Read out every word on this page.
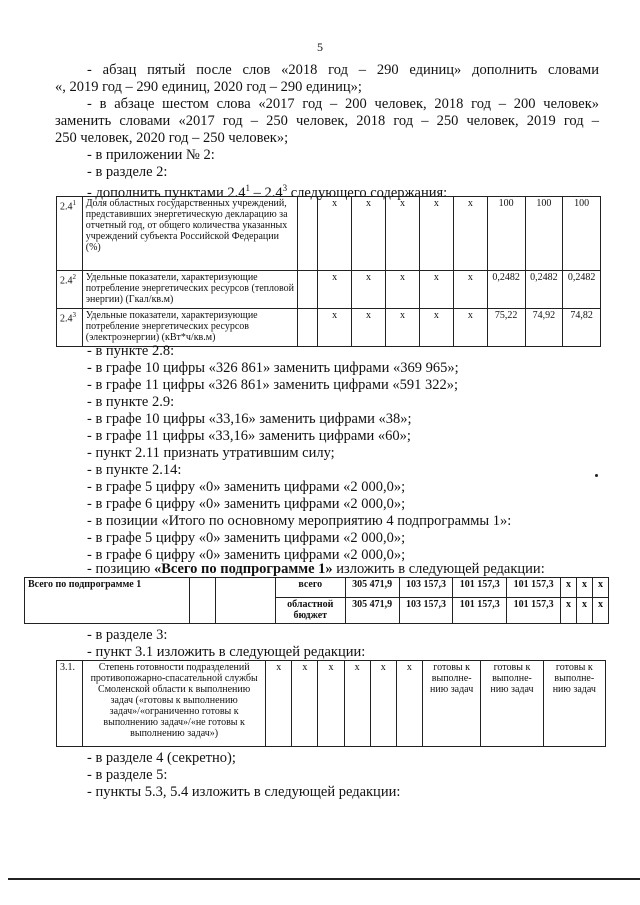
5
- абзац пятый после слов «2018 год – 290 единиц» дополнить словами
«, 2019 год – 290 единиц, 2020 год – 290 единиц»;
- в абзаце шестом слова «2017 год – 200 человек, 2018 год – 200 человек»
заменить словами «2017 год – 250 человек, 2018 год – 250 человек, 2019 год –
250 человек, 2020 год – 250 человек»;
- в приложении № 2:
- в разделе 2:
- дополнить пунктами $2.4^1 - 2.4^3$ следующего содержания:
$2.4^1$	Доля областных государственных учреждений, представивших энергетическую декларацию за отчетный год, от общего количества указанных учреждений субъекта Российской Федерации (%)		x	x	x	x	x	100	100	100
$2.4^2$	Удельные показатели, характеризующие потребление энергетических ресурсов (тепловой энергии) (Гкал/кв.м)		x	x	x	x	x	0,2482	0,2482	0,2482
$2.4^3$	Удельные показатели, характеризующие потребление энергетических ресурсов (электроэнергии) (кВт*ч/кв.м)		x	x	x	x	x	75,22	74,92	74,82
- в пункте 2.8:
- в графе 10 цифры «326 861» заменить цифрами «369 965»;
- в графе 11 цифры «326 861» заменить цифрами «591 322»;
- в пункте 2.9:
- в графе 10 цифры «33,16» заменить цифрами «38»;
- в графе 11 цифры «33,16» заменить цифрами «60»;
- пункт 2.11 признать утратившим силу;
- в пункте 2.14:
- в графе 5 цифру «0» заменить цифрами «2 000,0»;
- в графе 6 цифру «0» заменить цифрами «2 000,0»;
- в позиции «Итого по основному мероприятию 4 подпрограммы 1»:
- в графе 5 цифру «0» заменить цифрами «2 000,0»;
- в графе 6 цифру «0» заменить цифрами «2 000,0»;
- позицию «Всего по подпрограмме 1» изложить в следующей редакции:
Всего по подпрограмме 1			всего	305 471,9	103 157,3	101 157,3	101 157,3	x	x	x
			областной бюджет	305 471,9	103 157,3	101 157,3	101 157,3	x	x	x
- в разделе 3:
- пункт 3.1 изложить в следующей редакции:
3.1.	Степень готовности подразделений противопожарно-спасательной службы Смоленской области к выполнению задач («готовы к выполнению задач»/«ограниченно готовы к выполнению задач»/«не готовы к выполнению задач»)	x	x	x	x	x	x	готовы к выполне-нию задач	готовы к выполне-нию задач	готовы к выполне-нию задач
- в разделе 4 (секретно);
- в разделе 5:
- пункты 5.3, 5.4 изложить в следующей редакции:
